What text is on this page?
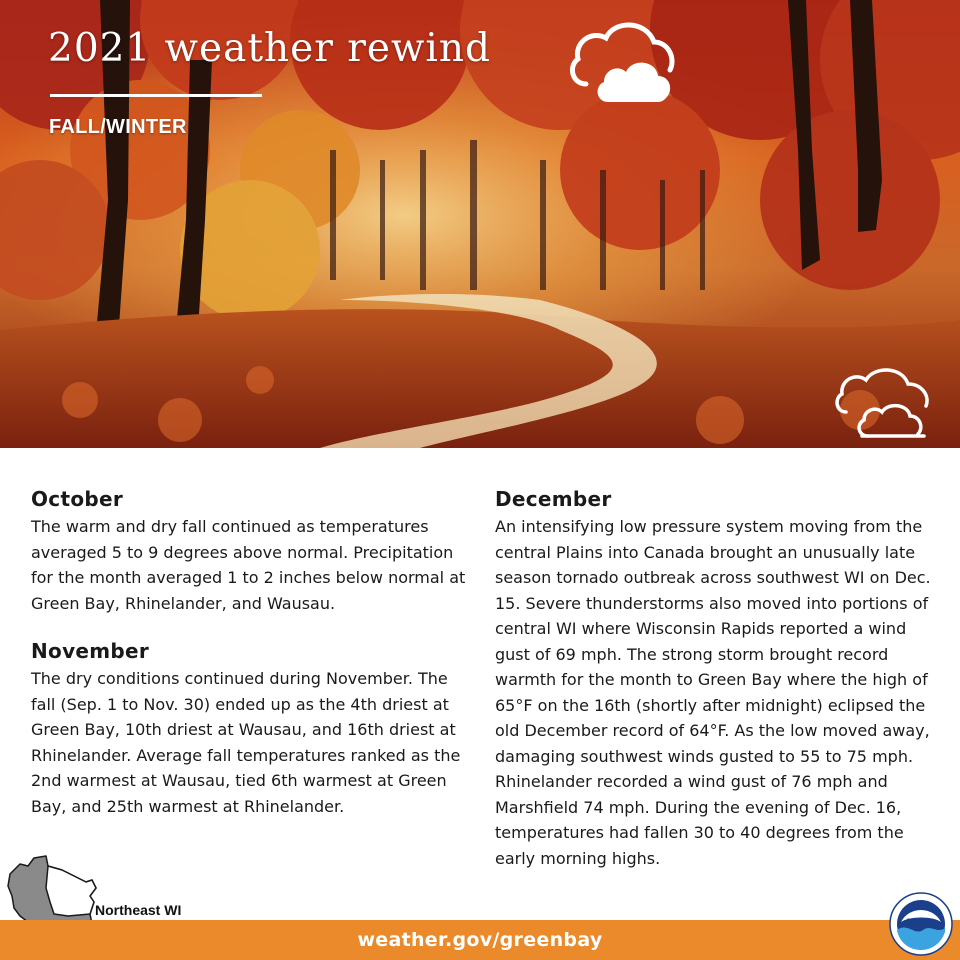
2021 weather rewind
FALL/WINTER
October

The warm and dry fall continued as temperatures averaged 5 to 9 degrees above normal. Precipitation for the month averaged 1 to 2 inches below normal at Green Bay, Rhinelander, and Wausau.

November

The dry conditions continued during November. The fall (Sep. 1 to Nov. 30) ended up as the 4th driest at Green Bay, 10th driest at Wausau, and 16th driest at Rhinelander. Average fall temperatures ranked as the 2nd warmest at Wausau, tied 6th warmest at Green Bay, and 25th warmest at Rhinelander.

December

An intensifying low pressure system moving from the central Plains into Canada brought an unusually late season tornado outbreak across southwest WI on Dec. 15. Severe thunderstorms also moved into portions of central WI where Wisconsin Rapids reported a wind gust of 69 mph. The strong storm brought record warmth for the month to Green Bay where the high of 65°F on the 16th (shortly after midnight) eclipsed the old December record of 64°F. As the low moved away, damaging southwest winds gusted to 55 to 75 mph. Rhinelander recorded a wind gust of 76 mph and Marshfield 74 mph. During the evening of Dec. 16, temperatures had fallen 30 to 40 degrees from the early morning highs.

Northeast WI
weather.gov/greenbay
NOAA
